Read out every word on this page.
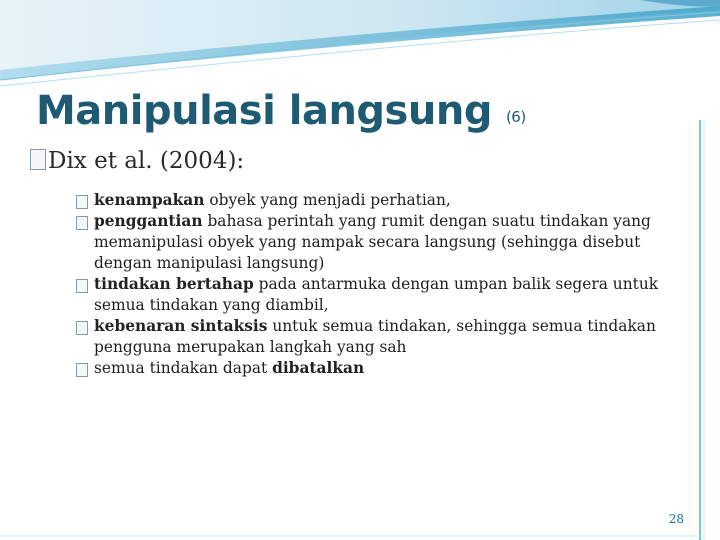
Manipulasi langsung (6)
Dix et al. (2004):
kenampakan obyek yang menjadi perhatian,
penggantian bahasa perintah yang rumit dengan suatu tindakan yang memanipulasi obyek yang nampak secara langsung (sehingga disebut dengan manipulasi langsung)
tindakan bertahap pada antarmuka dengan umpan balik segera untuk semua tindakan yang diambil,
kebenaran sintaksis untuk semua tindakan, sehingga semua tindakan pengguna merupakan langkah yang sah
semua tindakan dapat dibatalkan
28
